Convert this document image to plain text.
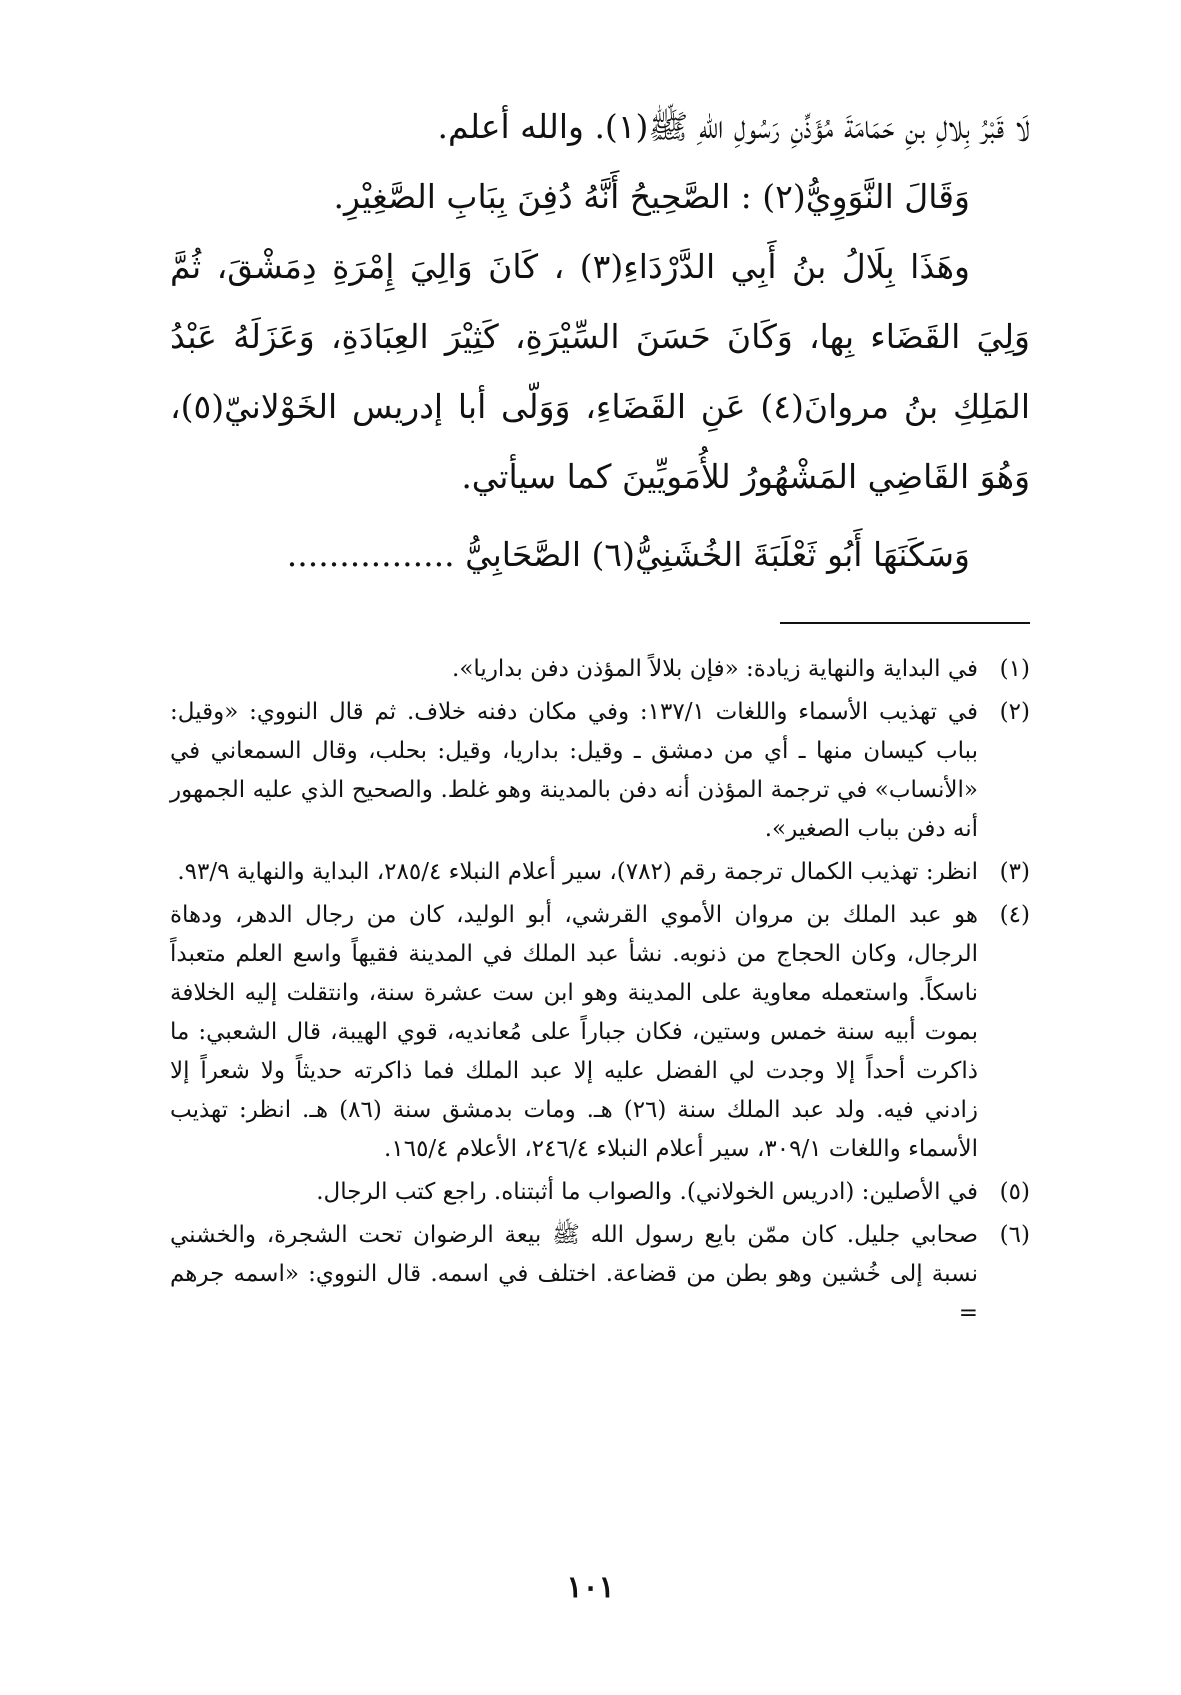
لَا قَبْرُ بِلالِ بنِ حَمَامَةَ مُؤَذِّنِ رَسُولِ اللهِ ﷺ(١). والله أعلم.

وَقَالَ النَّوَوِيُّ(٢) : الصَّحِيحُ أَنَّهُ دُفِنَ بِبَابِ الصَّغِيْرِ.

وهَذَا بِلَالُ بنُ أَبِي الدَّرْدَاءِ(٣) ، كَانَ وَالِيَ إِمْرَةِ دِمَشْقَ، ثُمَّ وَلِيَ القَضَاء بِها، وَكَانَ حَسَنَ السِّيْرَةِ، كَثِيْرَ العِبَادَةِ، وَعَزَلَهُ عَبْدُ المَلِكِ بنُ مروانَ(٤) عَنِ القَضَاءِ، وَوَلّى أبا إدريس الخَوْلانيّ(٥)، وَهُوَ القَاضِي المَشْهُورُ للأُمَويِّينَ كما سيأتي.

وَسَكَنَهَا أَبُو ثَعْلَبَةَ الخُشَنِيُّ(٦) الصَّحَابِيُّ ................

(١)
في البداية والنهاية زيادة: «فإن بلالاً المؤذن دفن بداريا».
(٢)
في تهذيب الأسماء واللغات ١٣٧/١: وفي مكان دفنه خلاف. ثم قال النووي: «وقيل: بباب كيسان منها ـ أي من دمشق ـ وقيل: بداريا، وقيل: بحلب، وقال السمعاني في «الأنساب» في ترجمة المؤذن أنه دفن بالمدينة وهو غلط. والصحيح الذي عليه الجمهور أنه دفن بباب الصغير».
(٣)
انظر: تهذيب الكمال ترجمة رقم (٧٨٢)، سير أعلام النبلاء ٢٨٥/٤، البداية والنهاية ٩٣/٩.
(٤)
هو عبد الملك بن مروان الأموي القرشي، أبو الوليد، كان من رجال الدهر، ودهاة الرجال، وكان الحجاج من ذنوبه. نشأ عبد الملك في المدينة فقيهاً واسع العلم متعبداً ناسكاً. واستعمله معاوية على المدينة وهو ابن ست عشرة سنة، وانتقلت إليه الخلافة بموت أبيه سنة خمس وستين، فكان جباراً على مُعانديه، قوي الهيبة، قال الشعبي: ما ذاكرت أحداً إلا وجدت لي الفضل عليه إلا عبد الملك فما ذاكرته حديثاً ولا شعراً إلا زادني فيه. ولد عبد الملك سنة (٢٦) هـ. ومات بدمشق سنة (٨٦) هـ. انظر: تهذيب الأسماء واللغات ٣٠٩/١، سير أعلام النبلاء ٢٤٦/٤، الأعلام ١٦٥/٤.
(٥)
في الأصلين: (ادريس الخولاني). والصواب ما أثبتناه. راجع كتب الرجال.
(٦)
صحابي جليل. كان ممّن بايع رسول الله ﷺ بيعة الرضوان تحت الشجرة، والخشني نسبة إلى خُشين وهو بطن من قضاعة. اختلف في اسمه. قال النووي: «اسمه جرهم =
١٠١
